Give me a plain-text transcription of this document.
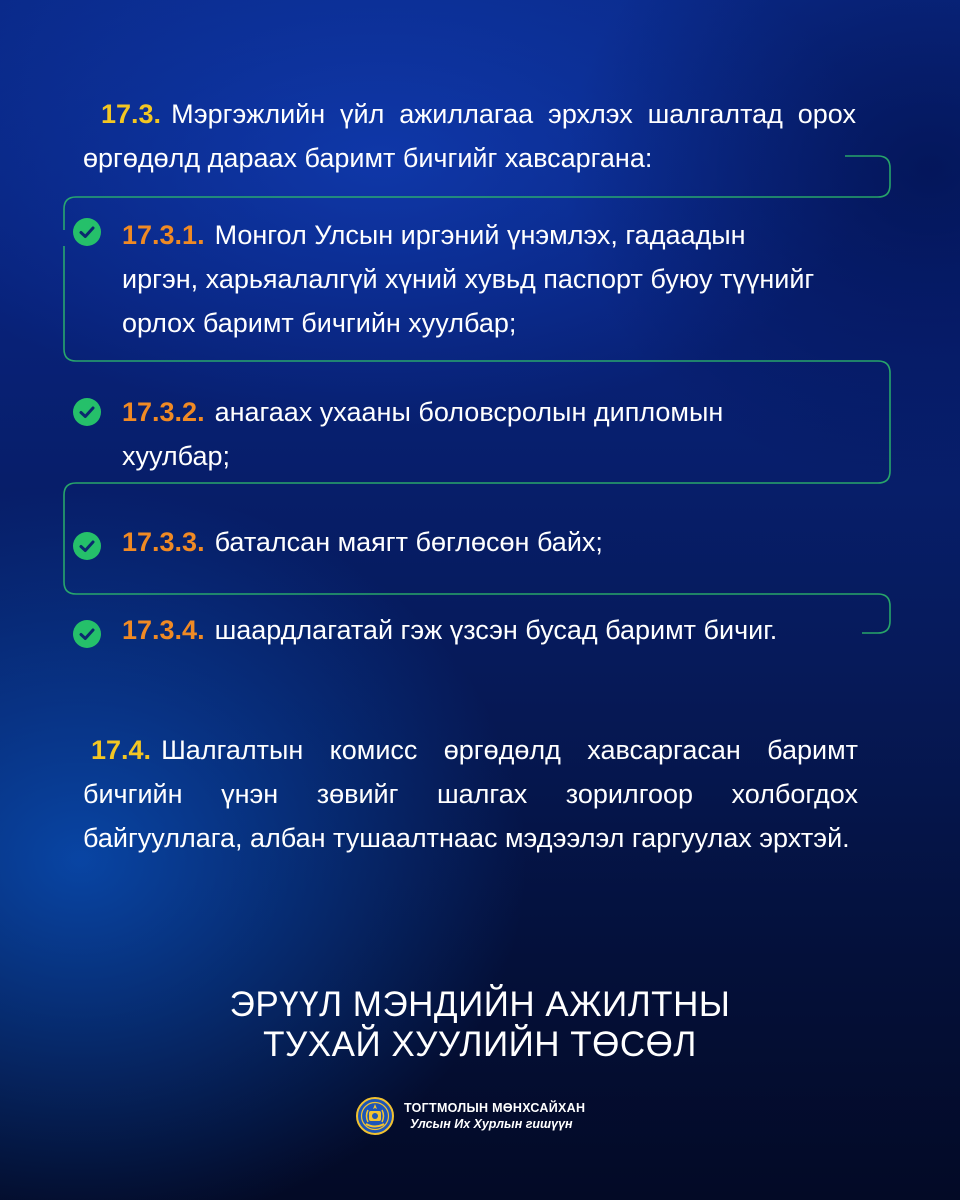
17.3. Мэргэжлийн үйл ажиллагаа эрхлэх шалгалтад орох өргөдөлд дараах баримт бичгийг хавсаргана:
17.3.1. Монгол Улсын иргэний үнэмлэх, гадаадын иргэн, харьяалалгүй хүний хувьд паспорт буюу түүнийг орлох баримт бичгийн хуулбар;
17.3.2. анагаах ухааны боловсролын дипломын хуулбар;
17.3.3. баталсан маягт бөглөсөн байх;
17.3.4. шаардлагатай гэж үзсэн бусад баримт бичиг.
17.4. Шалгалтын комисс өргөдөлд хавсаргасан баримт бичгийн үнэн зөвийг шалгах зорилгоор холбогдох байгууллага, албан тушаалтнаас мэдээлэл гаргуулах эрхтэй.
ЭРҮҮЛ МЭНДИЙН АЖИЛТНЫ
ТУХАЙ ХУУЛИЙН ТӨСӨЛ
ТОГТМОЛЫН МӨНХСАЙХАН
Улсын Их Хурлын гишүүн
